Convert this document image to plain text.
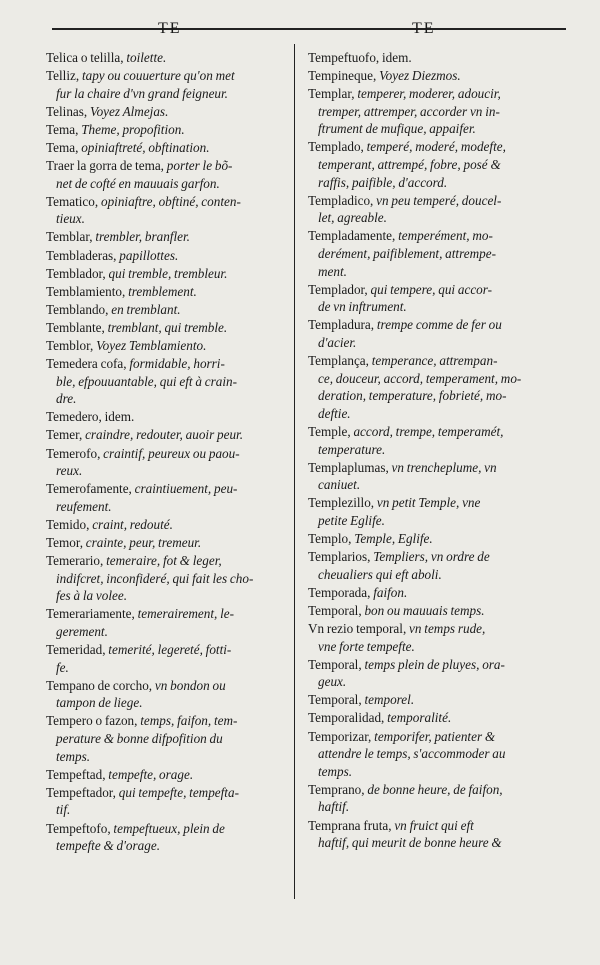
TE	TE
Telica o telilla, toilette.
Telliz, tapy ou couuerture qu'on met
fur la chaire d'vn grand feigneur.
Telinas, Voyez Almejas.
Tema, Theme, propofition.
Tema, opiniaftreté, obftination.
Traer la gorra de tema, porter le bõ-
net de cofté en mauuais garfon.
Tematico, opiniaftre, obftiné, conten-
tieux.
Temblar, trembler, branfler.
Tembladeras, papillottes.
Temblador, qui tremble, trembleur.
Temblamiento, tremblement.
Temblando, en tremblant.
Temblante, tremblant, qui tremble.
Temblor, Voyez Temblamiento.
Temedera cofa, formidable, horri-
ble, efpouuantable, qui eft à crain-
dre.
Temedero, idem.
Temer, craindre, redouter, auoir peur.
Temerofo, craintif, peureux ou paou-
reux.
Temerofamente, craintiuement, peu-
reufement.
Temido, craint, redouté.
Temor, crainte, peur, tremeur.
Temerario, temeraire, fot & leger,
indifcret, inconfideré, qui fait les cho-
fes à la volee.
Temerariamente, temerairement, le-
gerement.
Temeridad, temerité, legereté, fotti-
fe.
Tempano de corcho, vn bondon ou
tampon de liege.
Tempero o fazon, temps, faifon, tem-
perature & bonne difpofition du
temps.
Tempeftad, tempefte, orage.
Tempeftador, qui tempefte, tempefta-
tif.
Tempeftofo, tempeftueux, plein de
tempefte & d'orage.
Tempeftuofo, idem.
Tempineque, Voyez Diezmos.
Templar, temperer, moderer, adoucir,
tremper, attremper, accorder vn in-
ftrument de mufique, appaifer.
Templado, temperé, moderé, modefte,
temperant, attrempé, fobre, posé &
raffis, paifible, d'accord.
Templadico, vn peu temperé, doucel-
let, agreable.
Templadamente, temperément, mo-
derément, paifiblement, attrempe-
ment.
Templador, qui tempere, qui accor-
de vn inftrument.
Templadura, trempe comme de fer ou
d'acier.
Templança, temperance, attrempan-
ce, douceur, accord, temperament, mo-
deration, temperature, fobrieté, mo-
deftie.
Temple, accord, trempe, temperamét,
temperature.
Templaplumas, vn trencheplume, vn
caniuet.
Templezillo, vn petit Temple, vne
petite Eglife.
Templo, Temple, Eglife.
Templarios, Templiers, vn ordre de
cheualiers qui eft aboli.
Temporada, faifon.
Temporal, bon ou mauuais temps.
Vn rezio temporal, vn temps rude,
vne forte tempefte.
Temporal, temps plein de pluyes, ora-
geux.
Temporal, temporel.
Temporalidad, temporalité.
Temporizar, temporifer, patienter &
attendre le temps, s'accommoder au
temps.
Temprano, de bonne heure, de faifon,
haftif.
Temprana fruta, vn fruict qui eft
haftif, qui meurit de bonne heure &
